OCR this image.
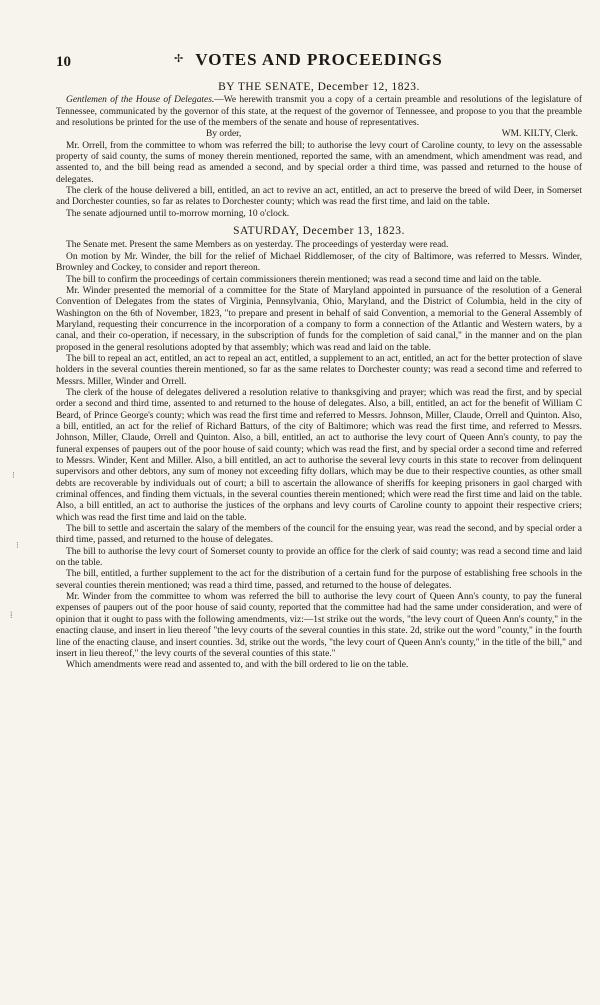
⁝
⁝
⁞
10	✢ VOTES AND PROCEEDINGS
BY THE SENATE, December 12, 1823.

Gentlemen of the House of Delegates.—We herewith transmit you a copy of a certain preamble and resolutions of the legislature of Tennessee, communicated by the governor of this state, at the request of the governor of Tennessee, and propose to you that the preamble and resolutions be printed for the use of the members of the senate and house of representatives.

By order,	WM. KILTY, Clerk.

Mr. Orrell, from the committee to whom was referred the bill; to authorise the levy court of Caroline county, to levy on the assessable property of said county, the sums of money therein mentioned, reported the same, with an amendment, which amendment was read, and assented to, and the bill being read as amended a second, and by special order a third time, was passed and returned to the house of delegates.

The clerk of the house delivered a bill, entitled, an act to revive an act, entitled, an act to preserve the breed of wild Deer, in Somerset and Dorchester counties, so far as relates to Dorchester county; which was read the first time, and laid on the table.

The senate adjourned until to-morrow morning, 10 o'clock.

SATURDAY, December 13, 1823.

The Senate met. Present the same Members as on yesterday. The proceedings of yesterday were read.

On motion by Mr. Winder, the bill for the relief of Michael Riddlemoser, of the city of Baltimore, was referred to Messrs. Winder, Brownley and Cockey, to consider and report thereon.

The bill to confirm the proceedings of certain commissioners therein mentioned; was read a second time and laid on the table.

Mr. Winder presented the memorial of a committee for the State of Maryland appointed in pursuance of the resolution of a General Convention of Delegates from the states of Virginia, Pennsylvania, Ohio, Maryland, and the District of Columbia, held in the city of Washington on the 6th of November, 1823, "to prepare and present in behalf of said Convention, a memorial to the General Assembly of Maryland, requesting their concurrence in the incorporation of a company to form a connection of the Atlantic and Western waters, by a canal, and their co-operation, if necessary, in the subscription of funds for the completion of said canal," in the manner and on the plan proposed in the general resolutions adopted by that assembly; which was read and laid on the table.

The bill to repeal an act, entitled, an act to repeal an act, entitled, a supplement to an act, entitled, an act for the better protection of slave holders in the several counties therein mentioned, so far as the same relates to Dorchester county; was read a second time and referred to Messrs. Miller, Winder and Orrell.

The clerk of the house of delegates delivered a resolution relative to thanksgiving and prayer; which was read the first, and by special order a second and third time, assented to and returned to the house of delegates. Also, a bill, entitled, an act for the benefit of William C Beard, of Prince George's county; which was read the first time and referred to Messrs. Johnson, Miller, Claude, Orrell and Quinton. Also, a bill, entitled, an act for the relief of Richard Batturs, of the city of Baltimore; which was read the first time, and referred to Messrs. Johnson, Miller, Claude, Orrell and Quinton. Also, a bill, entitled, an act to authorise the levy court of Queen Ann's county, to pay the funeral expenses of paupers out of the poor house of said county; which was read the first, and by special order a second time and referred to Messrs. Winder, Kent and Miller. Also, a bill entitled, an act to authorise the several levy courts in this state to recover from delinquent supervisors and other debtors, any sum of money not exceeding fifty dollars, which may be due to their respective counties, as other small debts are recoverable by individuals out of court; a bill to ascertain the allowance of sheriffs for keeping prisoners in gaol charged with criminal offences, and finding them victuals, in the several counties therein mentioned; which were read the first time and laid on the table. Also, a bill entitled, an act to authorise the justices of the orphans and levy courts of Caroline county to appoint their respective criers; which was read the first time and laid on the table.

The bill to settle and ascertain the salary of the members of the council for the ensuing year, was read the second, and by special order a third time, passed, and returned to the house of delegates.

The bill to authorise the levy court of Somerset county to provide an office for the clerk of said county; was read a second time and laid on the table.

The bill, entitled, a further supplement to the act for the distribution of a certain fund for the purpose of establishing free schools in the several counties therein mentioned; was read a third time, passed, and returned to the house of delegates.

Mr. Winder from the committee to whom was referred the bill to authorise the levy court of Queen Ann's county, to pay the funeral expenses of paupers out of the poor house of said county, reported that the committee had had the same under consideration, and were of opinion that it ought to pass with the following amendments, viz:—1st strike out the words, "the levy court of Queen Ann's county," in the enacting clause, and insert in lieu thereof "the levy courts of the several counties in this state. 2d, strike out the word "county," in the fourth line of the enacting clause, and insert counties. 3d, strike out the words, "the levy court of Queen Ann's county," in the title of the bill," and insert in lieu thereof," the levy courts of the several counties of this state."

Which amendments were read and assented to, and with the bill ordered to lie on the table.
